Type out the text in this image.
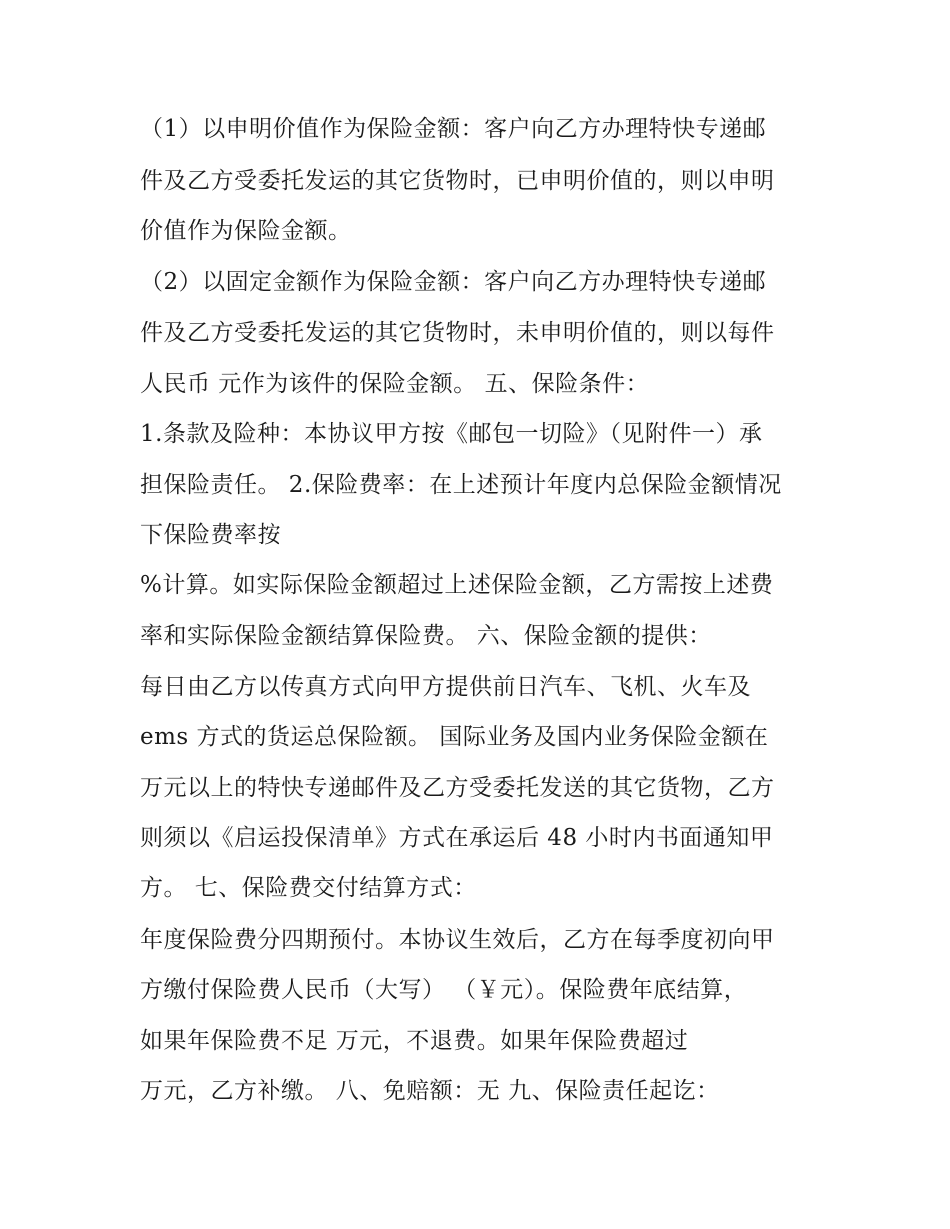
（1）以申明价值作为保险金额：客户向乙方办理特快专递邮
件及乙方受委托发运的其它货物时，已申明价值的，则以申明
价值作为保险金额。
（2）以固定金额作为保险金额：客户向乙方办理特快专递邮
件及乙方受委托发运的其它货物时，未申明价值的，则以每件
人民币 元作为该件的保险金额。 五、保险条件：
1.条款及险种：本协议甲方按《邮包一切险》（见附件一）承
担保险责任。 2.保险费率：在上述预计年度内总保险金额情况
下保险费率按
%计算。如实际保险金额超过上述保险金额，乙方需按上述费
率和实际保险金额结算保险费。 六、保险金额的提供：
每日由乙方以传真方式向甲方提供前日汽车、飞机、火车及
ems 方式的货运总保险额。 国际业务及国内业务保险金额在
万元以上的特快专递邮件及乙方受委托发送的其它货物，乙方
则须以《启运投保清单》方式在承运后 48 小时内书面通知甲
方。 七、保险费交付结算方式：
年度保险费分四期预付。本协议生效后，乙方在每季度初向甲
方缴付保险费人民币（大写） （￥元）。保险费年底结算，
如果年保险费不足 万元，不退费。如果年保险费超过
万元，乙方补缴。 八、免赔额：无 九、保险责任起讫：
